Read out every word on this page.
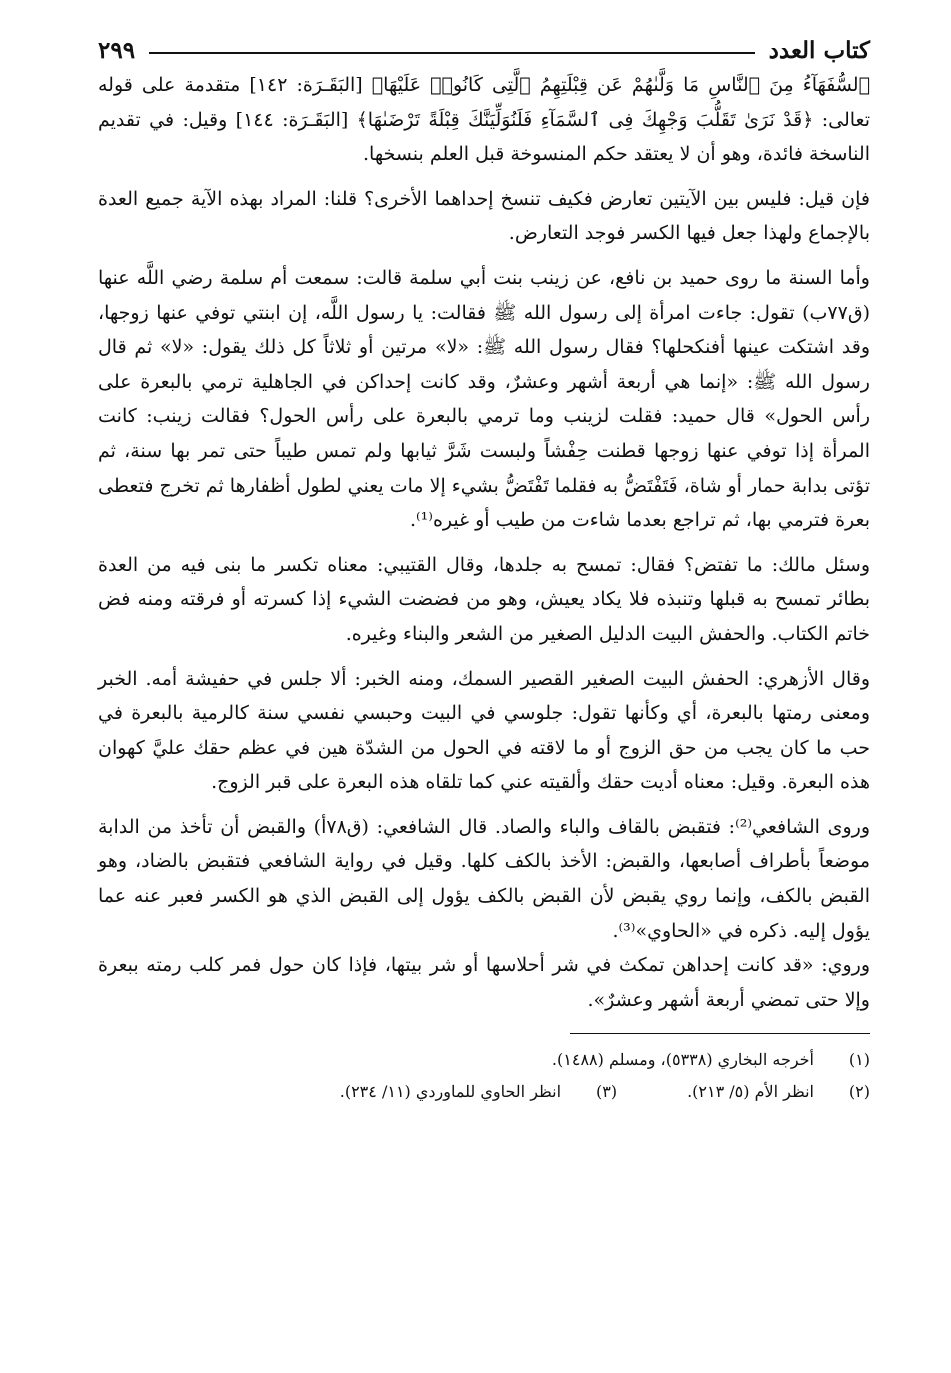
كتاب العدد
٢٩٩

ٱلسُّفَهَآءُ مِنَ ٱلنَّاسِ مَا وَلَّىٰهُمْ عَن قِبْلَتِهِمُ ٱلَّتِى كَانُوا۟ عَلَيْهَا﴾ [البَقَـرَة: ١٤٢] متقدمة على قوله تعالى: ﴿قَدْ نَرَىٰ تَقَلُّبَ وَجْهِكَ فِى ٱلسَّمَآءِ فَلَنُوَلِّيَنَّكَ قِبْلَةً تَرْضَىٰهَا﴾ [البَقَـرَة: ١٤٤] وقيل: في تقديم الناسخة فائدة، وهو أن لا يعتقد حكم المنسوخة قبل العلم بنسخها.

فإن قيل: فليس بين الآيتين تعارض فكيف تنسخ إحداهما الأخرى؟ قلنا: المراد بهذه الآية جميع العدة بالإجماع ولهذا جعل فيها الكسر فوجد التعارض.

وأما السنة ما روى حميد بن نافع، عن زينب بنت أبي سلمة قالت: سمعت أم سلمة رضي اللَّه عنها (ق٧٧ب) تقول: جاءت امرأة إلى رسول الله ﷺ فقالت: يا رسول اللَّه، إن ابنتي توفي عنها زوجها، وقد اشتكت عينها أفنكحلها؟ فقال رسول الله ﷺ: «لا» مرتين أو ثلاثاً كل ذلك يقول: «لا» ثم قال رسول الله ﷺ: «إنما هي أربعة أشهر وعشرٌ، وقد كانت إحداكن في الجاهلية ترمي بالبعرة على رأس الحول» قال حميد: فقلت لزينب وما ترمي بالبعرة على رأس الحول؟ فقالت زينب: كانت المرأة إذا توفي عنها زوجها قطنت حِفْشاً ولبست شَرَّ ثيابها ولم تمس طيباً حتى تمر بها سنة، ثم تؤتى بدابة حمار أو شاة، فَتَفْتَضُّ به فقلما تَفْتَضُّ بشيء إلا مات يعني لطول أظفارها ثم تخرج فتعطى بعرة فترمي بها، ثم تراجع بعدما شاءت من طيب أو غيره⁽¹⁾.

وسئل مالك: ما تفتض؟ فقال: تمسح به جلدها، وقال القتيبي: معناه تكسر ما بنى فيه من العدة بطائر تمسح به قبلها وتنبذه فلا يكاد يعيش، وهو من فضضت الشيء إذا كسرته أو فرقته ومنه فض خاتم الكتاب. والحفش البيت الدليل الصغير من الشعر والبناء وغيره.

وقال الأزهري: الحفش البيت الصغير القصير السمك، ومنه الخبر: ألا جلس في حفيشة أمه. الخبر ومعنى رمتها بالبعرة، أي وكأنها تقول: جلوسي في البيت وحبسي نفسي سنة كالرمية بالبعرة في حب ما كان يجب من حق الزوج أو ما لاقته في الحول من الشدّة هين في عظم حقك عليَّ كهوان هذه البعرة. وقيل: معناه أديت حقك وألقيته عني كما تلقاه هذه البعرة على قبر الزوج.

وروى الشافعي⁽²⁾: فتقبض بالقاف والباء والصاد. قال الشافعي: (ق٧٨أ) والقبض أن تأخذ من الدابة موضعاً بأطراف أصابعها، والقبض: الأخذ بالكف كلها. وقيل في رواية الشافعي فتقبض بالضاد، وهو القبض بالكف، وإنما روي يقبض لأن القبض بالكف يؤول إلى القبض الذي هو الكسر فعبر عنه عما يؤول إليه. ذكره في «الحاوي»⁽³⁾.

وروي: «قد كانت إحداهن تمكث في شر أحلاسها أو شر بيتها، فإذا كان حول فمر كلب رمته ببعرة وإلا حتى تمضي أربعة أشهر وعشرٌ».

(١)
أخرجه البخاري (٥٣٣٨)، ومسلم (١٤٨٨).
(٢)
انظر الأم (٥/ ٢١٣).
(٣)
انظر الحاوي للماوردي (١١/ ٢٣٤).
